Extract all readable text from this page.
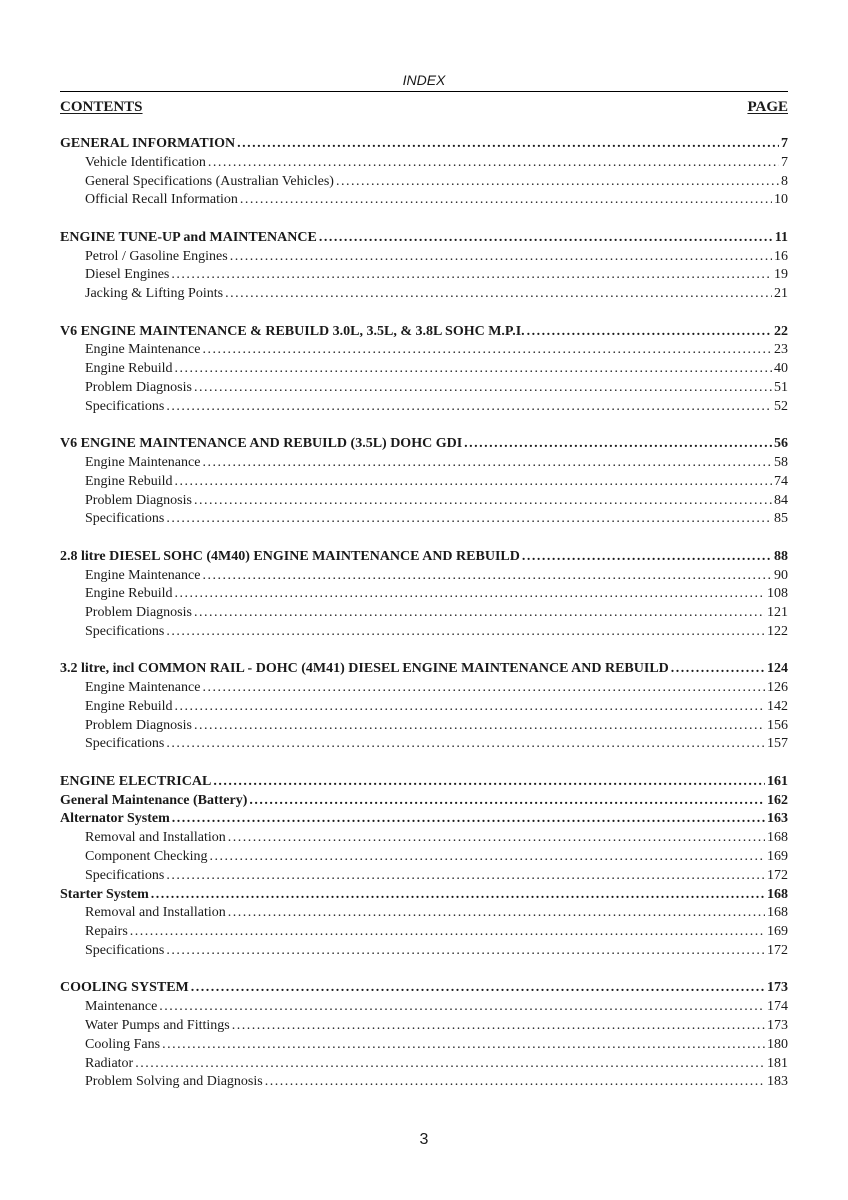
INDEX
CONTENTS	PAGE
GENERAL INFORMATION . . .	7
Vehicle Identification . . .	7
General Specifications (Australian Vehicles) . . .	8
Official Recall Information . . .	10
ENGINE TUNE-UP and MAINTENANCE . . .	11
Petrol / Gasoline Engines . . .	16
Diesel Engines . . .	19
Jacking & Lifting Points . . .	21
V6 ENGINE MAINTENANCE & REBUILD 3.0L, 3.5L, & 3.8L SOHC M.P.I. . . .	22
Engine Maintenance . . .	23
Engine Rebuild . . .	40
Problem Diagnosis . . .	51
Specifications . . .	52
V6 ENGINE MAINTENANCE AND REBUILD (3.5L) DOHC GDI . . .	56
Engine Maintenance . . .	58
Engine Rebuild . . .	74
Problem Diagnosis . . .	84
Specifications . . .	85
2.8 litre DIESEL SOHC (4M40) ENGINE MAINTENANCE AND REBUILD . . .	88
Engine Maintenance . . .	90
Engine Rebuild . . .	108
Problem Diagnosis . . .	121
Specifications . . .	122
3.2 litre, incl COMMON RAIL - DOHC (4M41) DIESEL ENGINE MAINTENANCE AND REBUILD . . .	124
Engine Maintenance . . .	126
Engine Rebuild . . .	142
Problem Diagnosis . . .	156
Specifications . . .	157
ENGINE ELECTRICAL . . .	161
General Maintenance (Battery) . . .	162
Alternator System . . .	163
Removal and Installation . . .	168
Component Checking . . .	169
Specifications . . .	172
Starter System . . .	168
Removal and Installation . . .	168
Repairs . . .	169
Specifications . . .	172
COOLING SYSTEM . . .	173
Maintenance . . .	174
Water Pumps and Fittings . . .	173
Cooling Fans . . .	180
Radiator . . .	181
Problem Solving and Diagnosis . . .	183
3
